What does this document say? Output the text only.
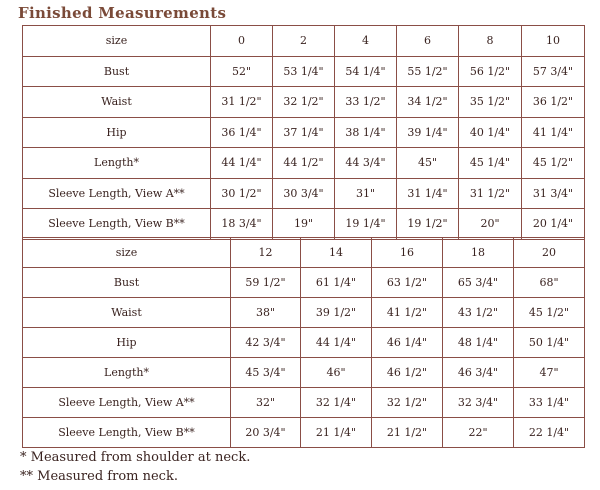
Finished Measurements
size	0	2	4	6	8	10
Bust	52"	53 1/4"	54 1/4"	55 1/2"	56 1/2"	57 3/4"
Waist	31 1/2"	32 1/2"	33 1/2"	34 1/2"	35 1/2"	36 1/2"
Hip	36 1/4"	37 1/4"	38 1/4"	39 1/4"	40 1/4"	41 1/4"
Length*	44 1/4"	44 1/2"	44 3/4"	45"	45 1/4"	45 1/2"
Sleeve Length, View A**	30 1/2"	30 3/4"	31"	31 1/4"	31 1/2"	31 3/4"
Sleeve Length, View B**	18 3/4"	19"	19 1/4"	19 1/2"	20"	20 1/4"
size	12	14	16	18	20
Bust	59 1/2"	61 1/4"	63 1/2"	65 3/4"	68"
Waist	38"	39 1/2"	41 1/2"	43 1/2"	45 1/2"
Hip	42 3/4"	44 1/4"	46 1/4"	48 1/4"	50 1/4"
Length*	45 3/4"	46"	46 1/2"	46 3/4"	47"
Sleeve Length, View A**	32"	32 1/4"	32 1/2"	32 3/4"	33 1/4"
Sleeve Length, View B**	20 3/4"	21 1/4"	21 1/2"	22"	22 1/4"
* Measured from shoulder at neck.
** Measured from neck.
